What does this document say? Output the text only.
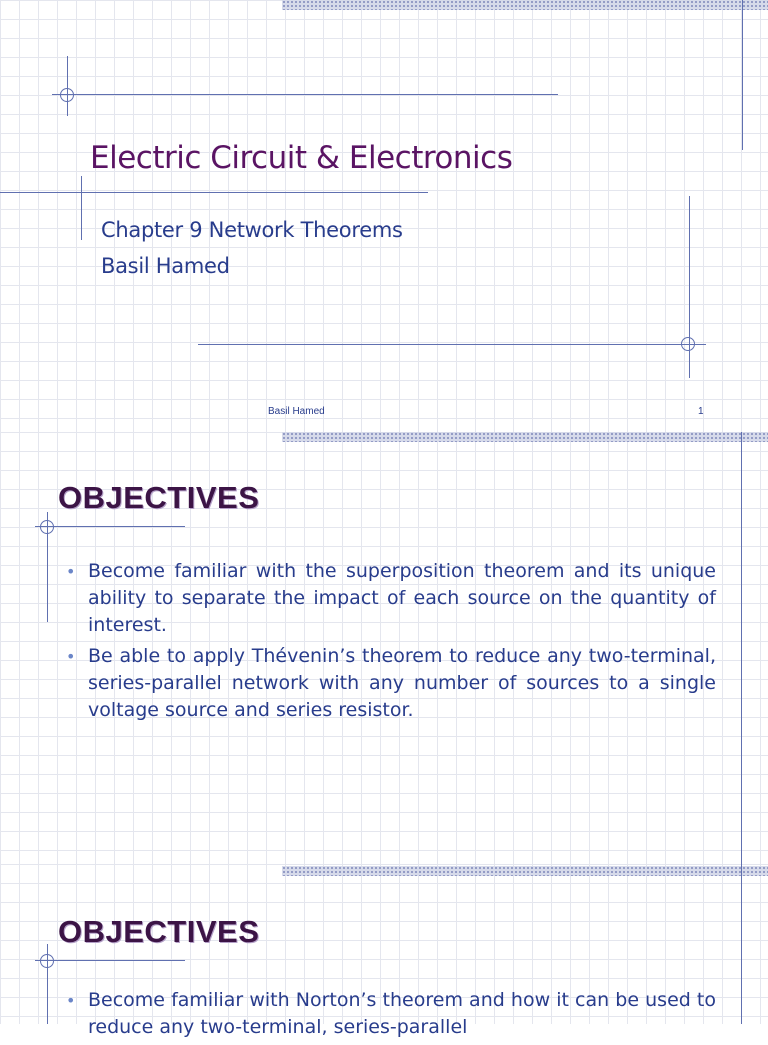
Electric Circuit & Electronics

Chapter 9 Network Theorems

Basil Hamed

Basil Hamed	1
OBJECTIVES
• Become familiar with the superposition theorem and its unique ability to separate the impact of each source on the quantity of interest.
• Be able to apply Thévenin’s theorem to reduce any two-terminal, series-parallel network with any number of sources to a single voltage source and series resistor.
OBJECTIVES
• Become familiar with Norton’s theorem and how it can be used to reduce any two-terminal, series-parallel
